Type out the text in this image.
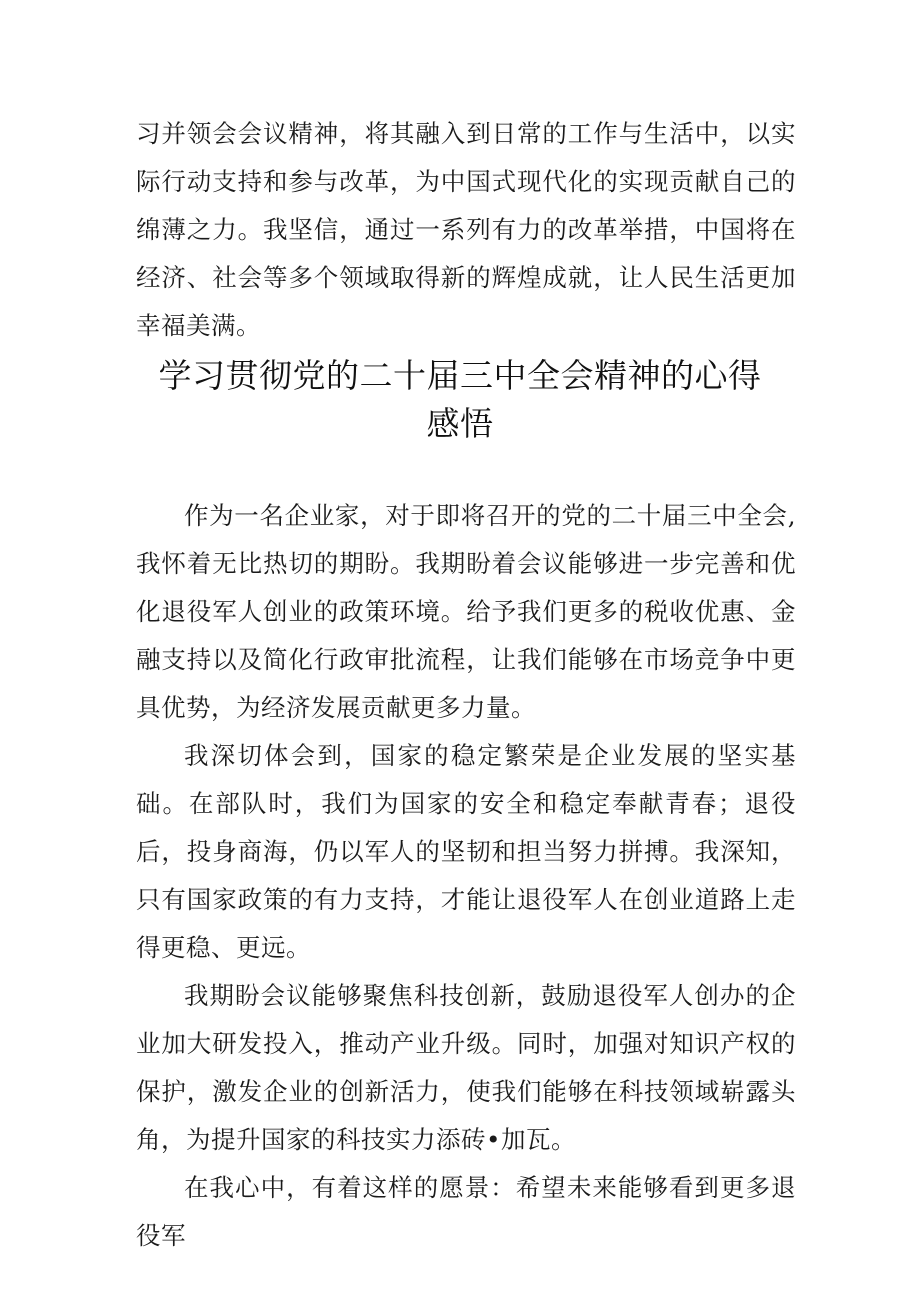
习并领会会议精神，将其融入到日常的工作与生活中，以实际行动支持和参与改革，为中国式现代化的实现贡献自己的绵薄之力。我坚信，通过一系列有力的改革举措，中国将在经济、社会等多个领域取得新的辉煌成就，让人民生活更加幸福美满。

学习贯彻党的二十届三中全会精神的心得
感悟

作为一名企业家，对于即将召开的党的二十届三中全会,我怀着无比热切的期盼。我期盼着会议能够进一步完善和优化退役军人创业的政策环境。给予我们更多的税收优惠、金融支持以及简化行政审批流程，让我们能够在市场竞争中更具优势，为经济发展贡献更多力量。

我深切体会到，国家的稳定繁荣是企业发展的坚实基础。在部队时，我们为国家的安全和稳定奉献青春；退役后，投身商海，仍以军人的坚韧和担当努力拼搏。我深知，只有国家政策的有力支持，才能让退役军人在创业道路上走得更稳、更远。

我期盼会议能够聚焦科技创新，鼓励退役军人创办的企业加大研发投入，推动产业升级。同时，加强对知识产权的保护，激发企业的创新活力，使我们能够在科技领域崭露头角，为提升国家的科技实力添砖•加瓦。

在我心中，有着这样的愿景：希望未来能够看到更多退役军
